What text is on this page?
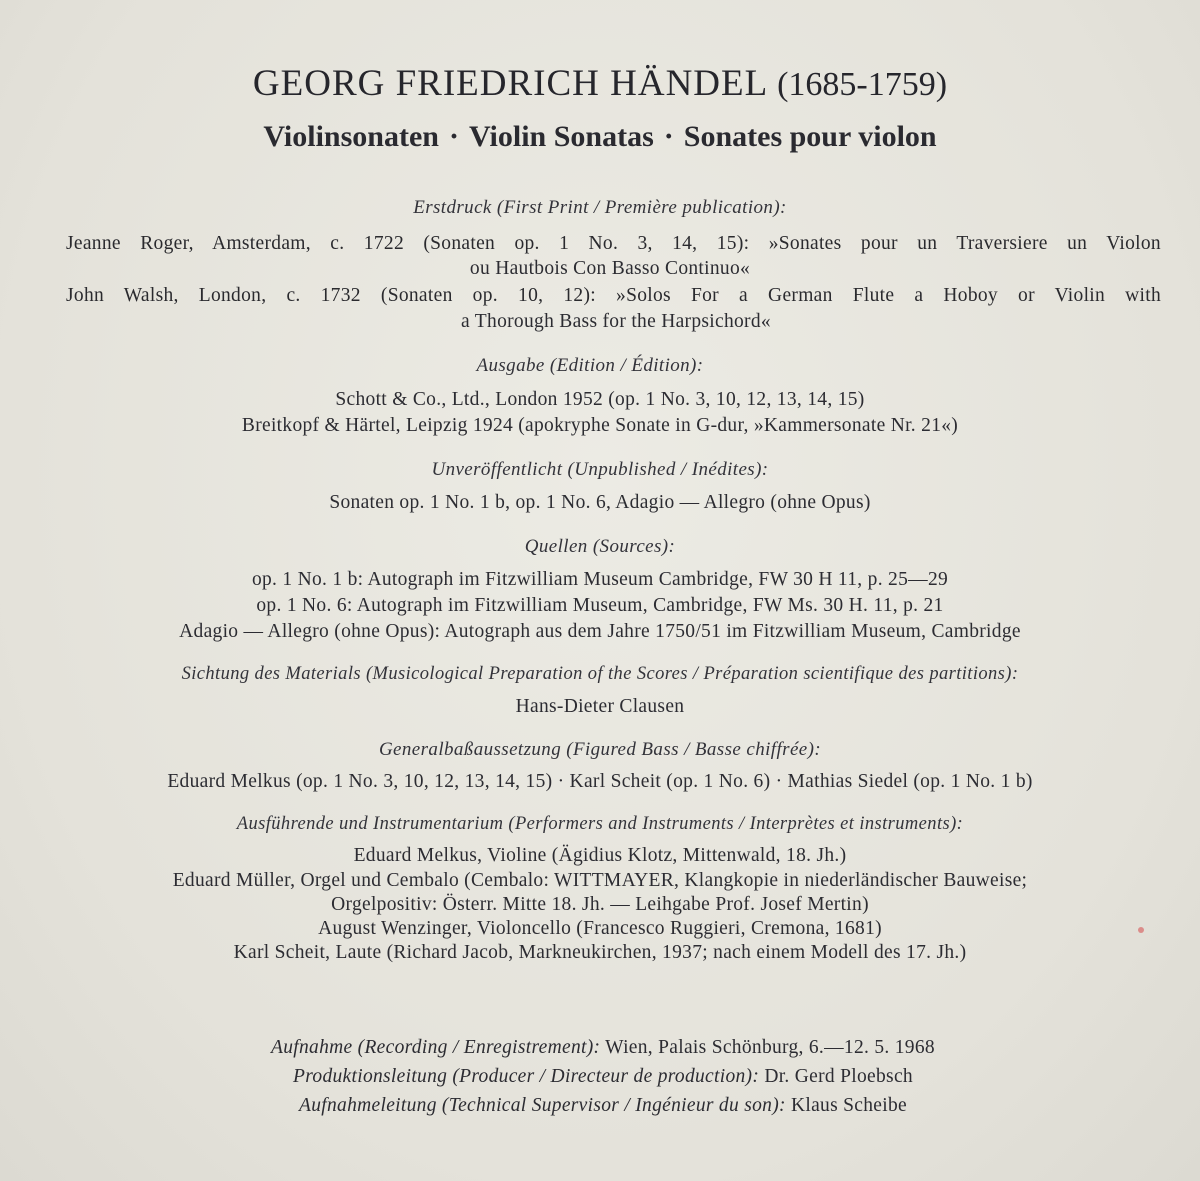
GEORG FRIEDRICH HÄNDEL (1685-1759)
Violinsonaten · Violin Sonatas · Sonates pour violon
Erstdruck (First Print / Première publication):
Jeanne Roger, Amsterdam, c. 1722 (Sonaten op. 1 No. 3, 14, 15): »Sonates pour un Traversiere un Violon
ou Hautbois Con Basso Continuo«
John Walsh, London, c. 1732 (Sonaten op. 10, 12): »Solos For a German Flute a Hoboy or Violin with
a Thorough Bass for the Harpsichord«
Ausgabe (Edition / Édition):
Schott & Co., Ltd., London 1952 (op. 1 No. 3, 10, 12, 13, 14, 15)
Breitkopf & Härtel, Leipzig 1924 (apokryphe Sonate in G-dur, »Kammersonate Nr. 21«)
Unveröffentlicht (Unpublished / Inédites):
Sonaten op. 1 No. 1 b, op. 1 No. 6, Adagio — Allegro (ohne Opus)
Quellen (Sources):
op. 1 No. 1 b: Autograph im Fitzwilliam Museum Cambridge, FW 30 H 11, p. 25—29
op. 1 No. 6: Autograph im Fitzwilliam Museum, Cambridge, FW Ms. 30 H. 11, p. 21
Adagio — Allegro (ohne Opus): Autograph aus dem Jahre 1750/51 im Fitzwilliam Museum, Cambridge
Sichtung des Materials (Musicological Preparation of the Scores / Préparation scientifique des partitions):
Hans-Dieter Clausen
Generalbaßaussetzung (Figured Bass / Basse chiffrée):
Eduard Melkus (op. 1 No. 3, 10, 12, 13, 14, 15) · Karl Scheit (op. 1 No. 6) · Mathias Siedel (op. 1 No. 1 b)
Ausführende und Instrumentarium (Performers and Instruments / Interprètes et instruments):
Eduard Melkus, Violine (Ägidius Klotz, Mittenwald, 18. Jh.)
Eduard Müller, Orgel und Cembalo (Cembalo: WITTMAYER, Klangkopie in niederländischer Bauweise;
Orgelpositiv: Österr. Mitte 18. Jh. — Leihgabe Prof. Josef Mertin)
August Wenzinger, Violoncello (Francesco Ruggieri, Cremona, 1681)
Karl Scheit, Laute (Richard Jacob, Markneukirchen, 1937; nach einem Modell des 17. Jh.)
Aufnahme (Recording / Enregistrement): Wien, Palais Schönburg, 6.—12. 5. 1968
Produktionsleitung (Producer / Directeur de production): Dr. Gerd Ploebsch
Aufnahmeleitung (Technical Supervisor / Ingénieur du son): Klaus Scheibe
